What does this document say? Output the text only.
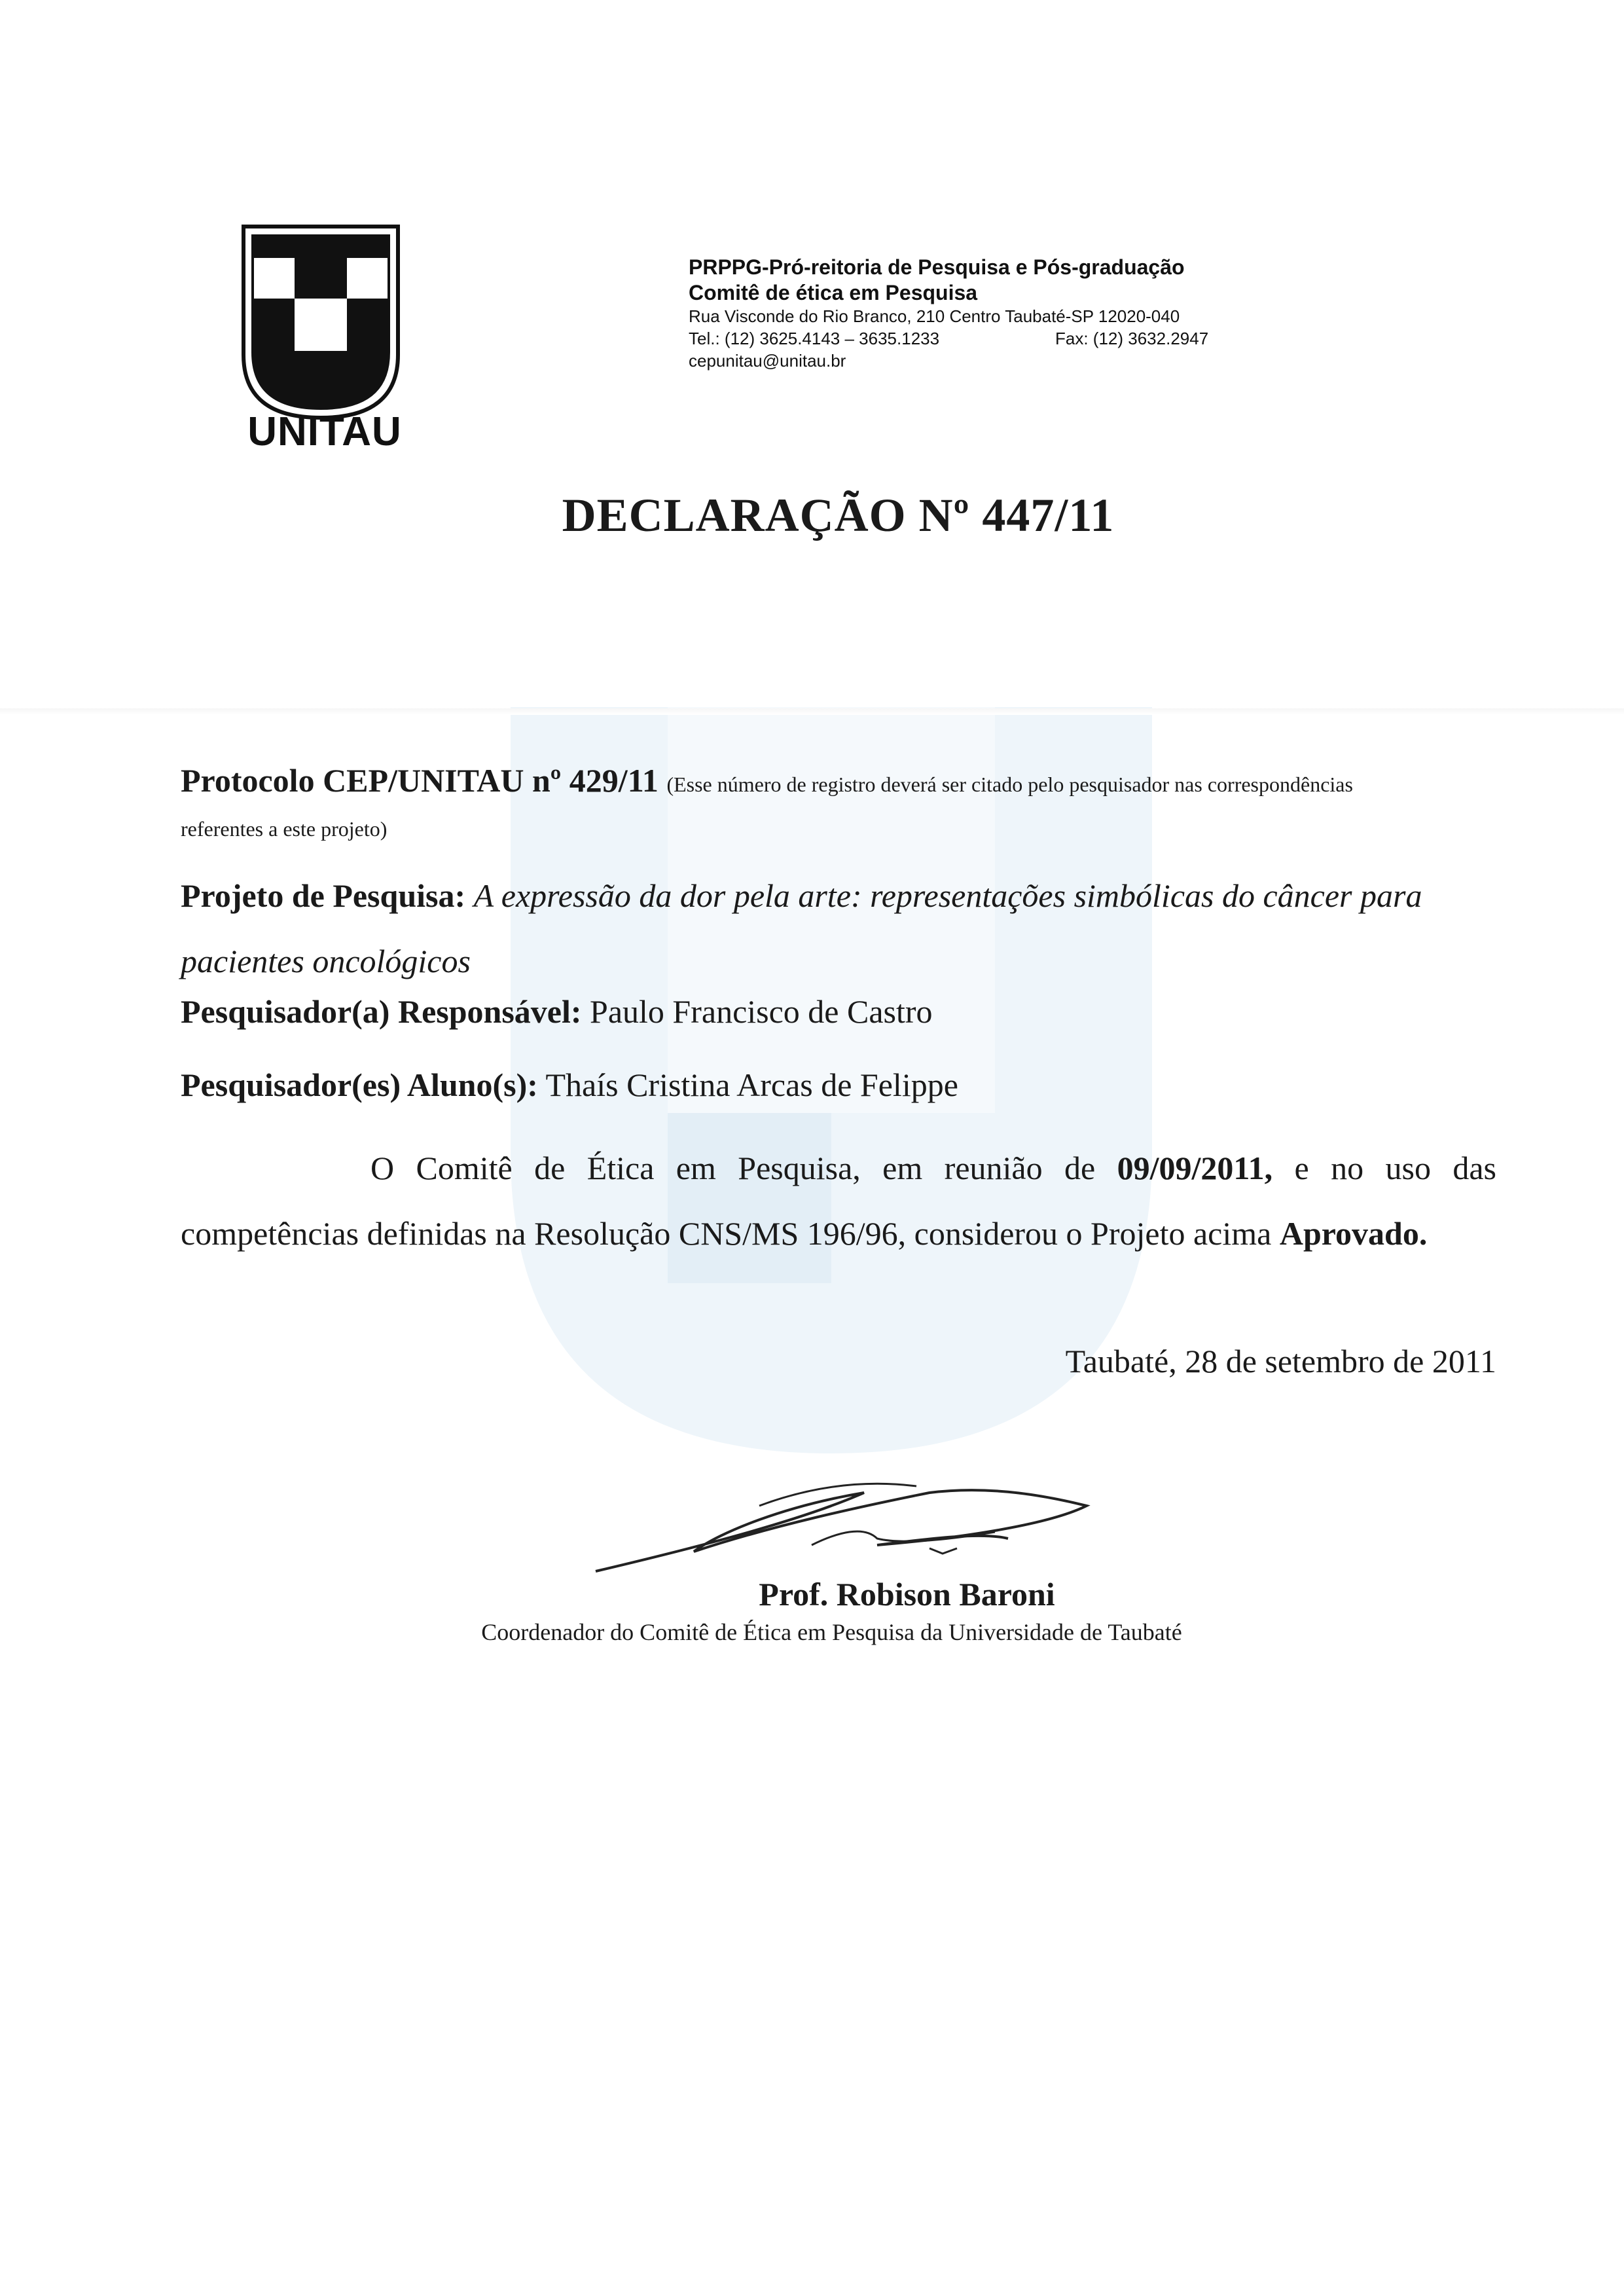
UNITAU
PRPPG-Pró-reitoria de Pesquisa e Pós-graduação
Comitê de ética em Pesquisa
Rua Visconde do Rio Branco, 210 Centro Taubaté-SP 12020-040
Tel.: (12) 3625.4143 – 3635.1233	Fax: (12) 3632.2947
cepunitau@unitau.br
DECLARAÇÃO Nº 447/11
Protocolo CEP/UNITAU nº 429/11 (Esse número de registro deverá ser citado pelo pesquisador nas correspondências
referentes a este projeto)
Projeto de Pesquisa: A expressão da dor pela arte: representações simbólicas do câncer para pacientes oncológicos
Pesquisador(a) Responsável: Paulo Francisco de Castro
Pesquisador(es) Aluno(s): Thaís Cristina Arcas de Felippe
O Comitê de Ética em Pesquisa, em reunião de 09/09/2011, e no uso das competências definidas na Resolução CNS/MS 196/96, considerou o Projeto acima Aprovado.
Taubaté, 28 de setembro de 2011
Prof. Robison Baroni
Coordenador do Comitê de Ética em Pesquisa da Universidade de Taubaté
